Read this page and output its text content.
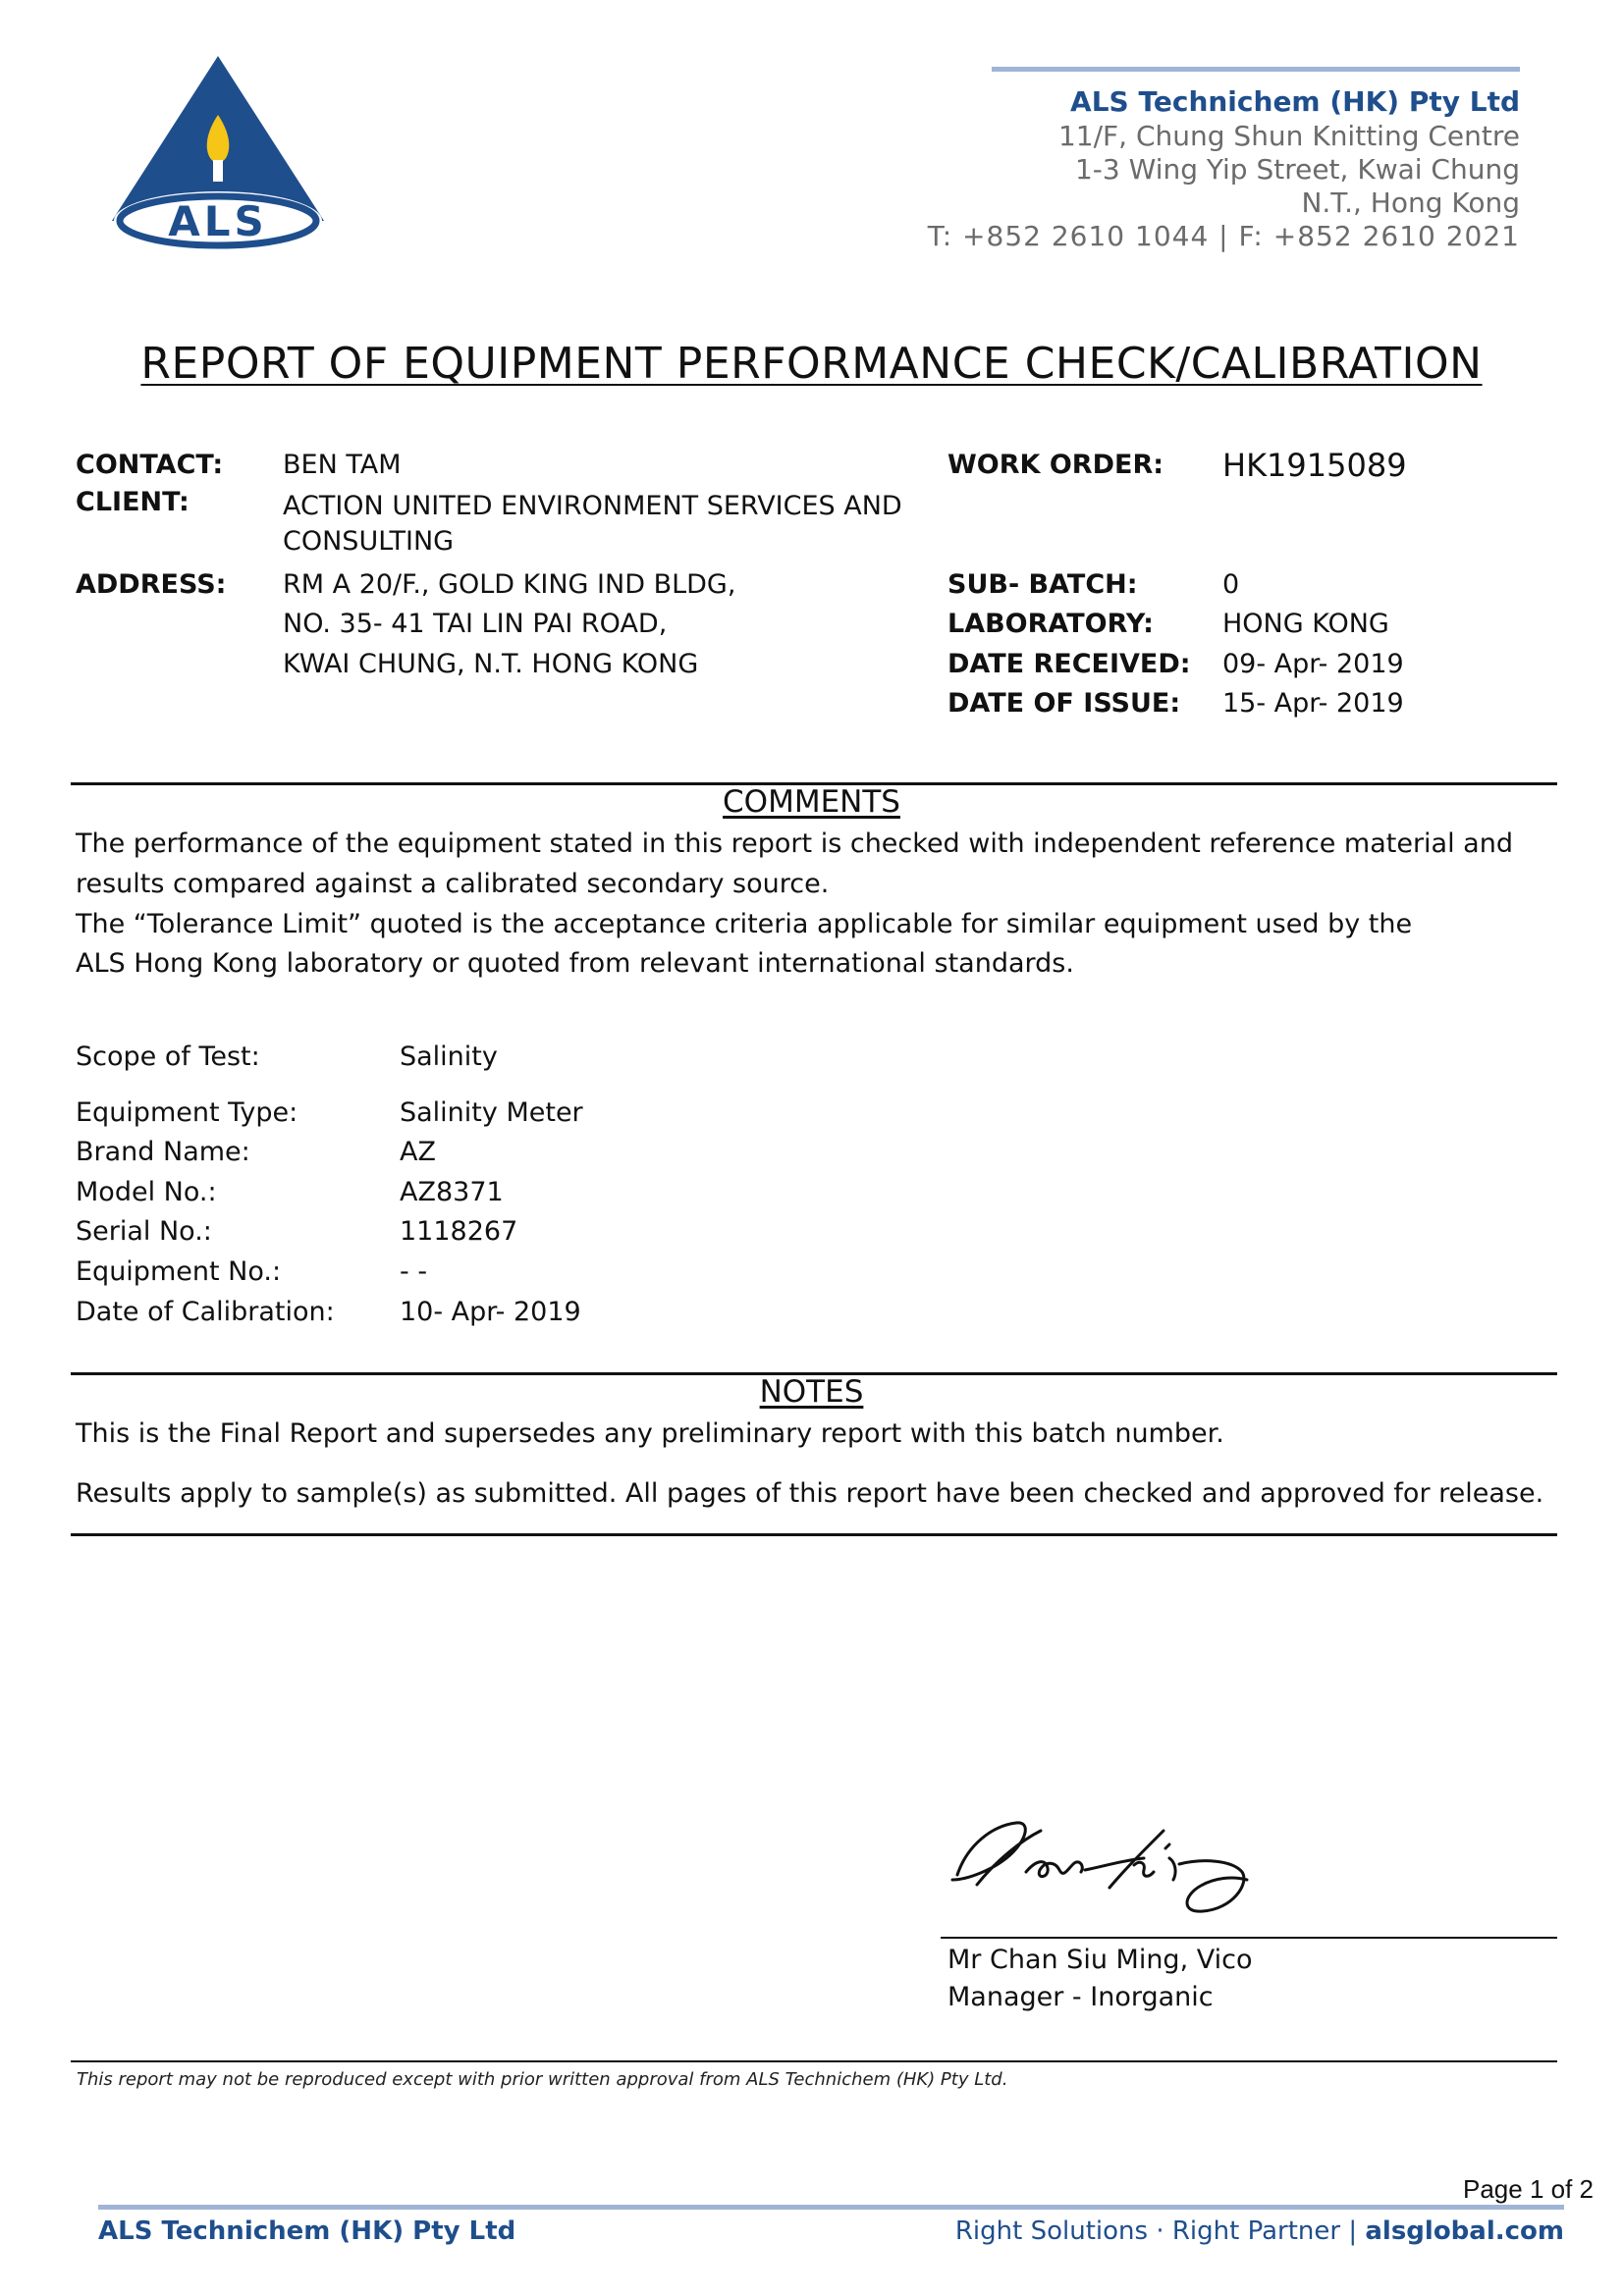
ALS
ALS Technichem (HK) Pty Ltd
11/F, Chung Shun Knitting Centre
1-3 Wing Yip Street, Kwai Chung
N.T., Hong Kong
T: +852 2610 1044 | F: +852 2610 2021
REPORT OF EQUIPMENT PERFORMANCE CHECK/CALIBRATION
CONTACT: BEN TAM
CLIENT:	ACTION UNITED ENVIRONMENT SERVICES AND
CONSULTING
ADDRESS: RM A 20/F., GOLD KING IND BLDG,
NO. 35- 41 TAI LIN PAI ROAD,
KWAI CHUNG, N.T. HONG KONG
WORK ORDER: HK1915089
SUB- BATCH:	0
LABORATORY:	HONG KONG
DATE RECEIVED: 09- Apr- 2019
DATE OF ISSUE: 15- Apr- 2019
COMMENTS
The performance of the equipment stated in this report is checked with independent reference material and
results compared against a calibrated secondary source.
The “Tolerance Limit” quoted is the acceptance criteria applicable for similar equipment used by the
ALS Hong Kong laboratory or quoted from relevant international standards.
Scope of Test:	Salinity
Equipment Type:	Salinity Meter
Brand Name:	AZ
Model No.:	AZ8371
Serial No.:	1118267
Equipment No.:	- -
Date of Calibration: 10- Apr- 2019
NOTES
This is the Final Report and supersedes any preliminary report with this batch number.
Results apply to sample(s) as submitted. All pages of this report have been checked and approved for release.
Mr Chan Siu Ming, Vico
Manager - Inorganic
This report may not be reproduced except with prior written approval from ALS Technichem (HK) Pty Ltd.
Page 1 of 2
ALS Technichem (HK) Pty Ltd	Right Solutions · Right Partner | alsglobal.com
